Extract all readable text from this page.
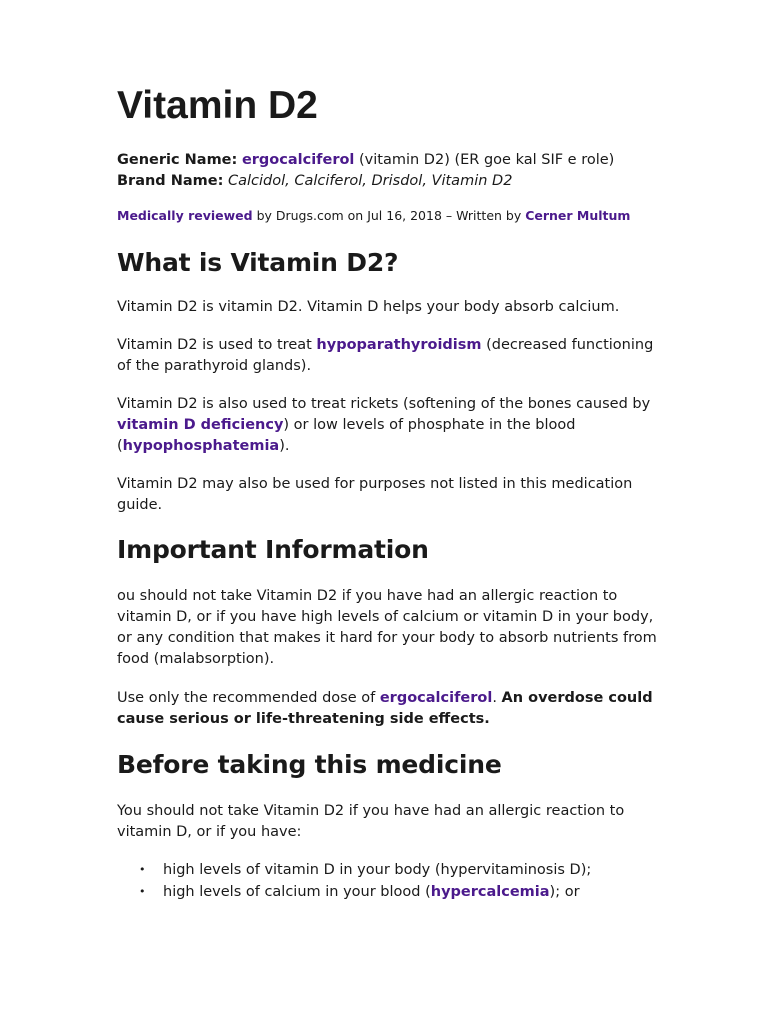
Vitamin D2
Generic Name: ergocalciferol (vitamin D2) (ER goe kal SIF e role)
Brand Name: Calcidol, Calciferol, Drisdol, Vitamin D2
Medically reviewed by Drugs.com on Jul 16, 2018 – Written by Cerner Multum
What is Vitamin D2?

Vitamin D2 is vitamin D2. Vitamin D helps your body absorb calcium.

Vitamin D2 is used to treat hypoparathyroidism (decreased functioning of the parathyroid glands).

Vitamin D2 is also used to treat rickets (softening of the bones caused by vitamin D deficiency) or low levels of phosphate in the blood (hypophosphatemia).

Vitamin D2 may also be used for purposes not listed in this medication guide.

Important Information

ou should not take Vitamin D2 if you have had an allergic reaction to vitamin D, or if you have high levels of calcium or vitamin D in your body, or any condition that makes it hard for your body to absorb nutrients from food (malabsorption).

Use only the recommended dose of ergocalciferol. An overdose could cause serious or life-threatening side effects.

Before taking this medicine

You should not take Vitamin D2 if you have had an allergic reaction to vitamin D, or if you have:

• high levels of vitamin D in your body (hypervitaminosis D);
• high levels of calcium in your blood (hypercalcemia); or
